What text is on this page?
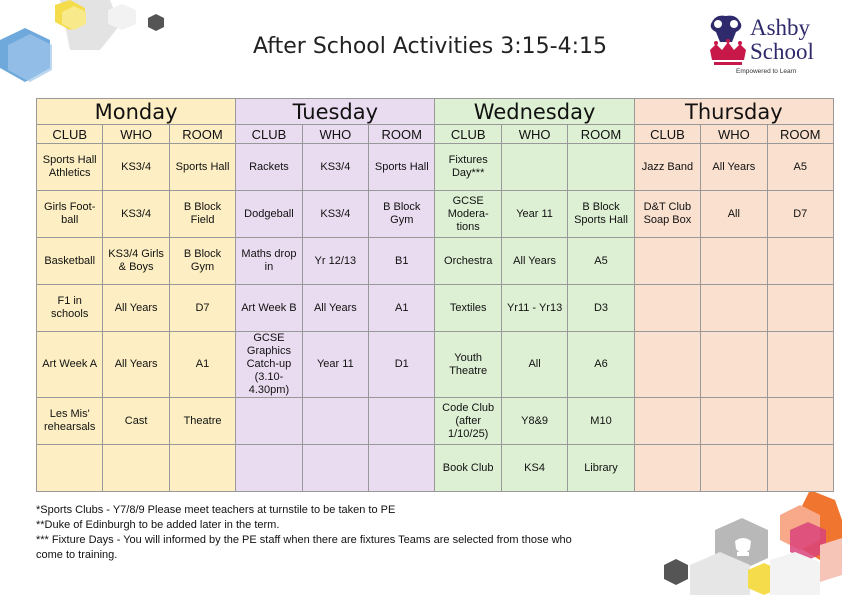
After School Activities 3:15-4:15
Ashby
School
Empowered to Learn
Monday			Tuesday			Wednesday			Thursday		
CLUB	WHO	ROOM	CLUB	WHO	ROOM	CLUB	WHO	ROOM	CLUB	WHO	ROOM
Sports Hall Athletics	KS3/4	Sports Hall	Rackets	KS3/4	Sports Hall	Fixtures Day***			Jazz Band	All Years	A5
Girls Foot-ball	KS3/4	B Block Field	Dodgeball	KS3/4	B Block Gym	GCSE Modera-tions	Year 11	B Block Sports Hall	D&T Club Soap Box	All	D7
Basketball	KS3/4 Girls & Boys	B Block Gym	Maths drop in	Yr 12/13	B1	Orchestra	All Years	A5			
F1 in schools	All Years	D7	Art Week B	All Years	A1	Textiles	Yr11 - Yr13	D3			
Art Week A	All Years	A1	GCSE Graphics Catch-up (3.10-4.30pm)	Year 11	D1	Youth Theatre	All	A6			
Les Mis' rehearsals	Cast	Theatre				Code Club (after 1/10/25)	Y8&9	M10			
						Book Club	KS4	Library			

*Sports Clubs - Y7/8/9 Please meet teachers at turnstile to be taken to PE

**Duke of Edinburgh to be added later in the term.

*** Fixture Days - You will informed by the PE staff when there are fixtures Teams are selected from those who come to training.
